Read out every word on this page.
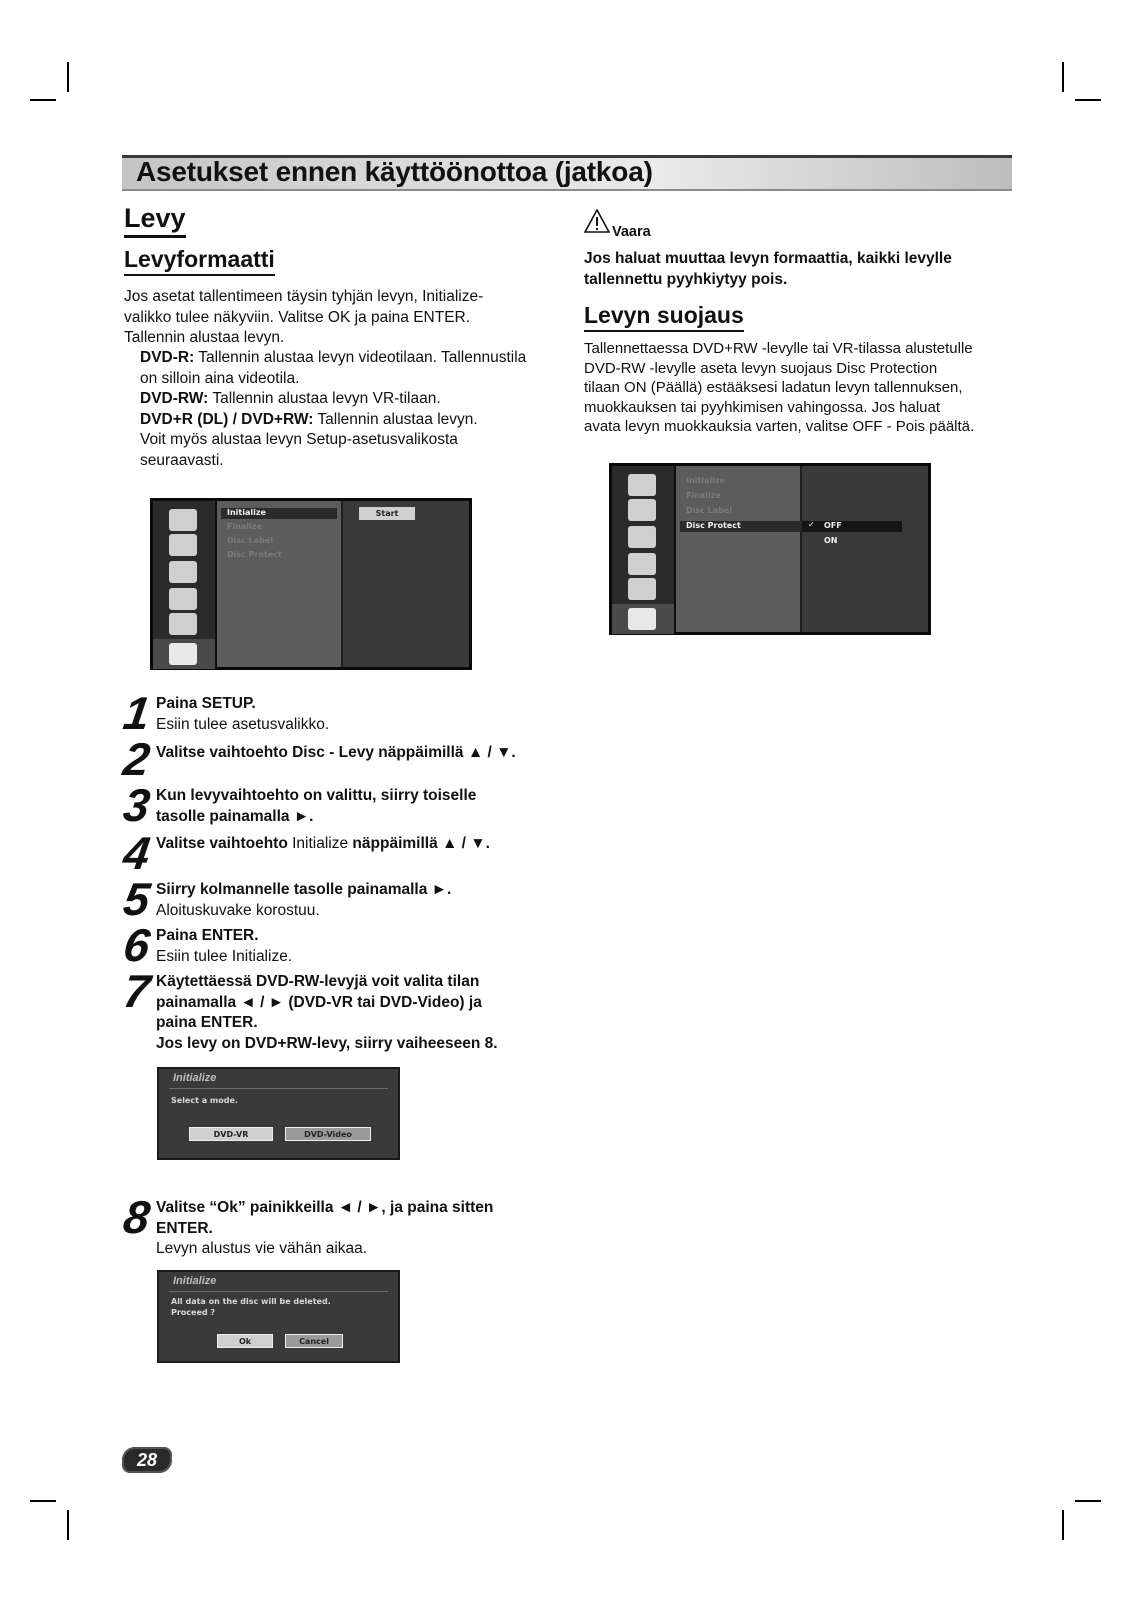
Asetukset ennen käyttöönottoa (jatkoa)
Levy
Levyformaatti
Jos asetat tallentimeen täysin tyhjän levyn, Initialize-
valikko tulee näkyviin. Valitse OK ja paina ENTER.
Tallennin alustaa levyn.
DVD-R: Tallennin alustaa levyn videotilaan. Tallennustila
on silloin aina videotila.
DVD-RW: Tallennin alustaa levyn VR-tilaan.
DVD+R (DL) / DVD+RW: Tallennin alustaa levyn.
Voit myös alustaa levyn Setup-asetusvalikosta
seuraavasti.
Initialize
Finalize
Disc Label
Disc Protect
Start
1 Paina SETUP.
Esiin tulee asetusvalikko.
2 Valitse vaihtoehto Disc - Levy näppäimillä ▲ / ▼.
3 Kun levyvaihtoehto on valittu, siirry toiselle
tasolle painamalla ►.
4 Valitse vaihtoehto Initialize näppäimillä ▲ / ▼.
5 Siirry kolmannelle tasolle painamalla ►.
Aloituskuvake korostuu.
6 Paina ENTER.
Esiin tulee Initialize.
7 Käytettäessä DVD-RW-levyjä voit valita tilan
painamalla ◄ / ► (DVD-VR tai DVD-Video) ja
paina ENTER.
Jos levy on DVD+RW-levy, siirry vaiheeseen 8.
Initialize
Select a mode.
DVD-VR	DVD-Video
8 Valitse “Ok” painikkeilla ◄ / ►, ja paina sitten
ENTER.
Levyn alustus vie vähän aikaa.
Initialize
All data on the disc will be deleted.
Proceed ?
Ok	Cancel
Vaara
Jos haluat muuttaa levyn formaattia, kaikki levylle
tallennettu pyyhkiytyy pois.
Levyn suojaus
Tallennettaessa DVD+RW -levylle tai VR-tilassa alustetulle
DVD-RW -levylle aseta levyn suojaus Disc Protection
tilaan ON (Päällä) estääksesi ladatun levyn tallennuksen,
muokkauksen tai pyyhkimisen vahingossa. Jos haluat
avata levyn muokkauksia varten, valitse OFF - Pois päältä.
Initialize
Finalize
Disc Label
Disc Protect	✓ OFF
ON
28
